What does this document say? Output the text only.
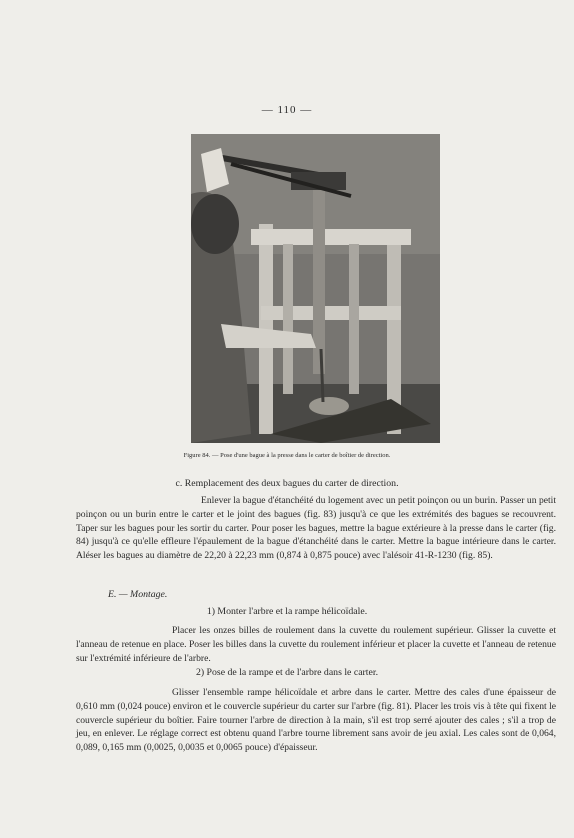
— 110 —
Figure 84. — Pose d'une bague à la presse dans le carter de boîtier de direction.

c. Remplacement des deux bagues du carter de direction.

Enlever la bague d'étanchéité du logement avec un petit poinçon ou un burin. Passer un petit poinçon ou un burin entre le carter et le joint des bagues (fig. 83) jusqu'à ce que les extrémités des bagues se recouvrent. Taper sur les bagues pour les sortir du carter. Pour poser les bagues, mettre la bague extérieure à la presse dans le carter (fig. 84) jusqu'à ce qu'elle effleure l'épaulement de la bague d'étanchéité dans le carter. Mettre la bague intérieure dans le carter. Aléser les bagues au diamètre de 22,20 à 22,23 mm (0,874 à 0,875 pouce) avec l'alésoir 41-R-1230 (fig. 85).

E. — Montage.

1) Monter l'arbre et la rampe hélicoïdale.

Placer les onzes billes de roulement dans la cuvette du roulement supérieur. Glisser la cuvette et l'anneau de retenue en place. Poser les billes dans la cuvette du roulement inférieur et placer la cuvette et l'anneau de retenue sur l'extrémité inférieure de l'arbre.

2) Pose de la rampe et de l'arbre dans le carter.

Glisser l'ensemble rampe hélicoïdale et arbre dans le carter. Mettre des cales d'une épaisseur de 0,610 mm (0,024 pouce) environ et le couvercle supérieur du carter sur l'arbre (fig. 81). Placer les trois vis à tête qui fixent le couvercle supérieur du boîtier. Faire tourner l'arbre de direction à la main, s'il est trop serré ajouter des cales ; s'il a trop de jeu, en enlever. Le réglage correct est obtenu quand l'arbre tourne librement sans avoir de jeu axial. Les cales sont de 0,064, 0,089, 0,165 mm (0,0025, 0,0035 et 0,0065 pouce) d'épaisseur.
